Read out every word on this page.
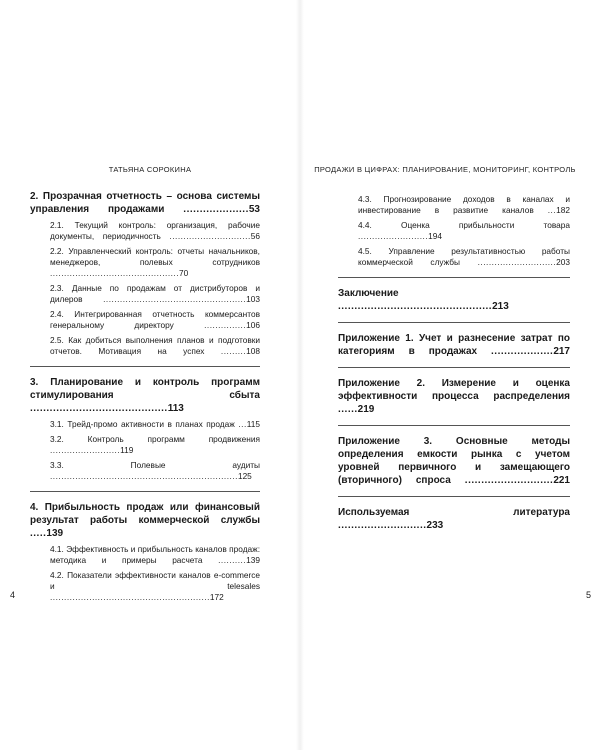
ТАТЬЯНА СОРОКИНА
2. Прозрачная отчетность – основа системы управления продажами ....................53
2.1. Текущий контроль: организация, рабочие документы, периодичность .............................56
2.2. Управленческий контроль: отчеты начальников, менеджеров, полевых сотрудников ..............................................70
2.3. Данные по продажам от дистрибуторов и дилеров ...................................................103
2.4. Интегрированная отчетность коммерсантов генеральному директору	...............106
2.5. Как добиться выполнения планов и подготовки отчетов. Мотивация на успех .........108
3. Планирование и контроль программ стимулирования сбыта ..........................................113
3.1. Трейд-промо активности в планах продаж ...115
3.2. Контроль программ продвижения .........................119
3.3. Полевые аудиты ...................................................................125
4. Прибыльность продаж или финансовый результат работы коммерческой службы .....139
4.1. Эффективность и прибыльность каналов продаж: методика и примеры расчета ..........139
4.2. Показатели эффективности каналов e-commerce и telesales .........................................................172
4
ПРОДАЖИ В ЦИФРАХ: ПЛАНИРОВАНИЕ, МОНИТОРИНГ, КОНТРОЛЬ
4.3. Прогнозирование доходов в каналах и инвестирование в развитие каналов ...182
4.4. Оценка прибыльности товара .........................194
4.5. Управление результативностью работы коммерческой службы ............................203
Заключение ...............................................213
Приложение 1. Учет и разнесение затрат по категориям в продажах ...................217
Приложение 2. Измерение и оценка эффективности процесса распределения ......219
Приложение 3. Основные методы определения емкости рынка с учетом уровней первичного и замещающего (вторичного) спроса ...........................221
Используемая литература ...........................233
5
